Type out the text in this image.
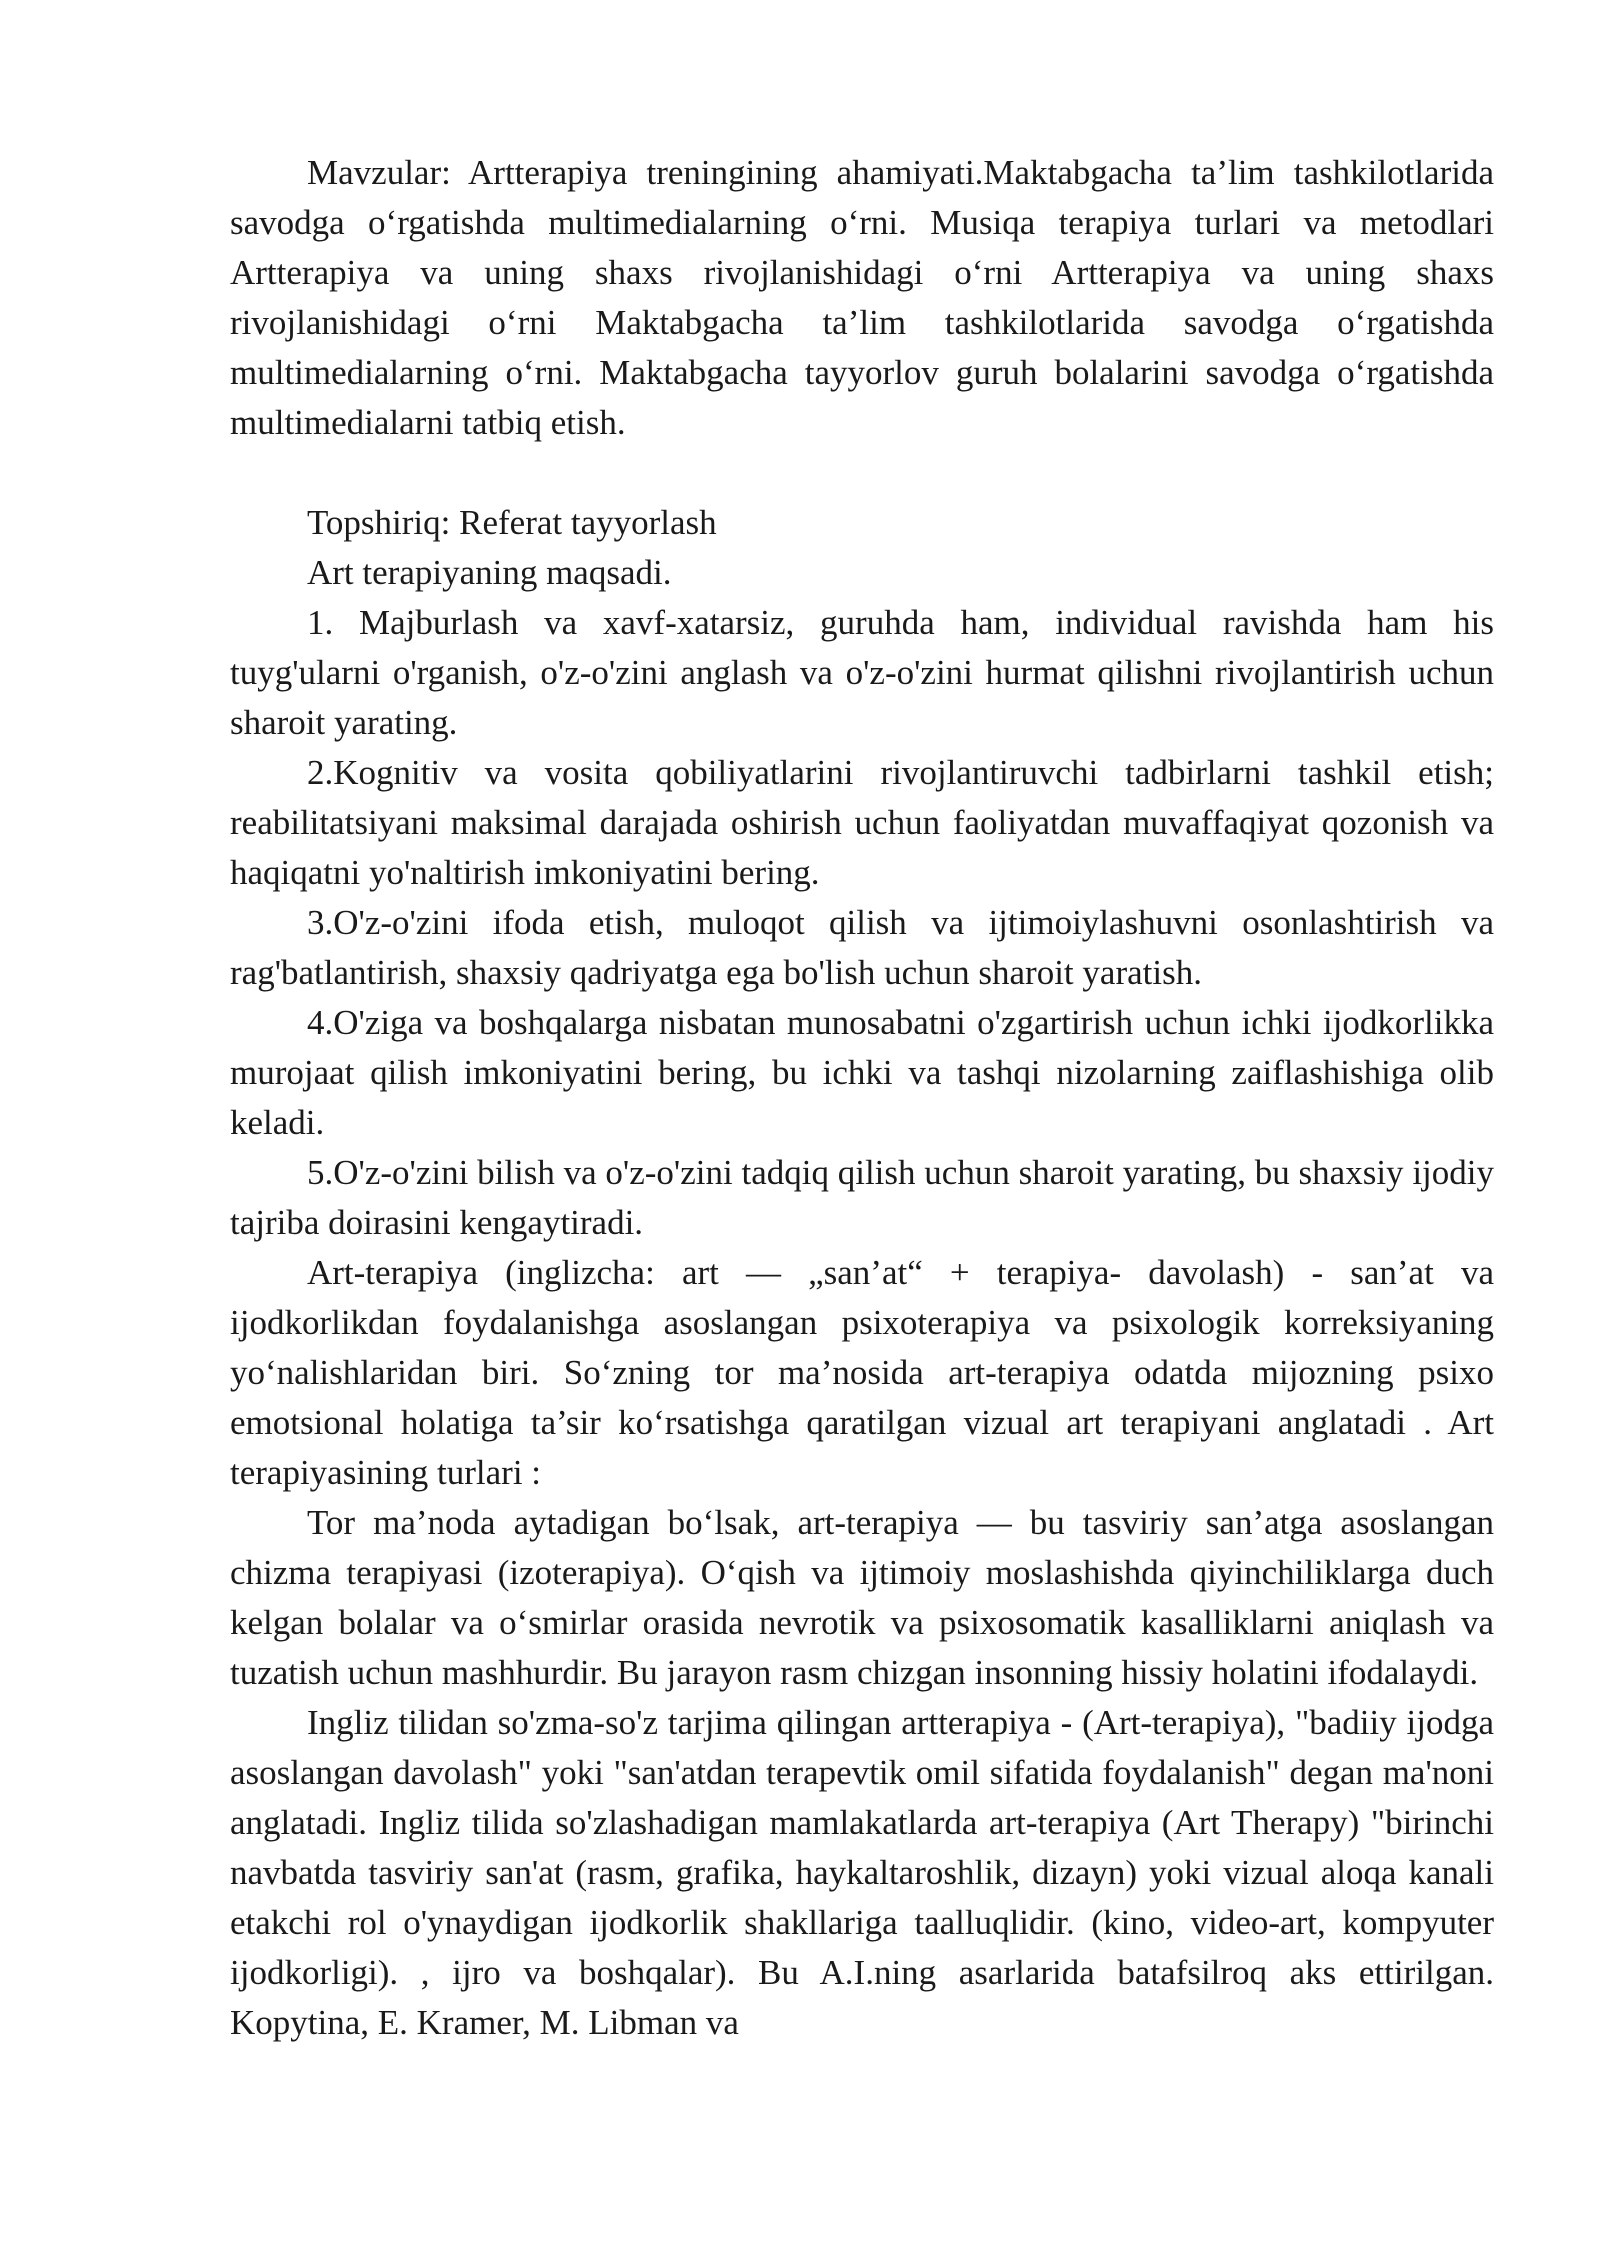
Mavzular: Artterapiya treningining ahamiyati.Maktabgacha ta’lim tashkilotlarida savodga o‘rgatishda multimedialarning o‘rni. Musiqa terapiya turlari va metodlari Artterapiya va uning shaxs rivojlanishidagi o‘rni Artterapiya va uning shaxs rivojlanishidagi o‘rni Maktabgacha ta’lim tashkilotlarida savodga o‘rgatishda multimedialarning o‘rni. Maktabgacha tayyorlov guruh bolalarini savodga o‘rgatishda multimedialarni tatbiq etish.

Topshiriq: Referat tayyorlash

Art terapiyaning maqsadi.

1. Majburlash va xavf-xatarsiz, guruhda ham, individual ravishda ham his tuyg'ularni o'rganish, o'z-o'zini anglash va o'z-o'zini hurmat qilishni rivojlantirish uchun sharoit yarating.

2.Kognitiv va vosita qobiliyatlarini rivojlantiruvchi tadbirlarni tashkil etish; reabilitatsiyani maksimal darajada oshirish uchun faoliyatdan muvaffaqiyat qozonish va haqiqatni yo'naltirish imkoniyatini bering.

3.O'z-o'zini ifoda etish, muloqot qilish va ijtimoiylashuvni osonlashtirish va rag'batlantirish, shaxsiy qadriyatga ega bo'lish uchun sharoit yaratish.

4.O'ziga va boshqalarga nisbatan munosabatni o'zgartirish uchun ichki ijodkorlikka murojaat qilish imkoniyatini bering, bu ichki va tashqi nizolarning zaiflashishiga olib keladi.

5.O'z-o'zini bilish va o'z-o'zini tadqiq qilish uchun sharoit yarating, bu shaxsiy ijodiy tajriba doirasini kengaytiradi.

Art-terapiya (inglizcha: art — „san’at“ + terapiya- davolash) - san’at va ijodkorlikdan foydalanishga asoslangan psixoterapiya va psixologik korreksiyaning yo‘nalishlaridan biri. So‘zning tor ma’nosida art-terapiya odatda mijozning psixo emotsional holatiga ta’sir ko‘rsatishga qaratilgan vizual art terapiyani anglatadi . Art terapiyasining turlari :

Tor ma’noda aytadigan bo‘lsak, art-terapiya — bu tasviriy san’atga asoslangan chizma terapiyasi (izoterapiya). O‘qish va ijtimoiy moslashishda qiyinchiliklarga duch kelgan bolalar va o‘smirlar orasida nevrotik va psixosomatik kasalliklarni aniqlash va tuzatish uchun mashhurdir. Bu jarayon rasm chizgan insonning hissiy holatini ifodalaydi.

Ingliz tilidan so'zma-so'z tarjima qilingan artterapiya - (Art-terapiya), "badiiy ijodga asoslangan davolash" yoki "san'atdan terapevtik omil sifatida foydalanish" degan ma'noni anglatadi. Ingliz tilida so'zlashadigan mamlakatlarda art-terapiya (Art Therapy) "birinchi navbatda tasviriy san'at (rasm, grafika, haykaltaroshlik, dizayn) yoki vizual aloqa kanali etakchi rol o'ynaydigan ijodkorlik shakllariga taalluqlidir. (kino, video-art, kompyuter ijodkorligi). , ijro va boshqalar). Bu A.I.ning asarlarida batafsilroq aks ettirilgan. Kopytina, E. Kramer, M. Libman va
